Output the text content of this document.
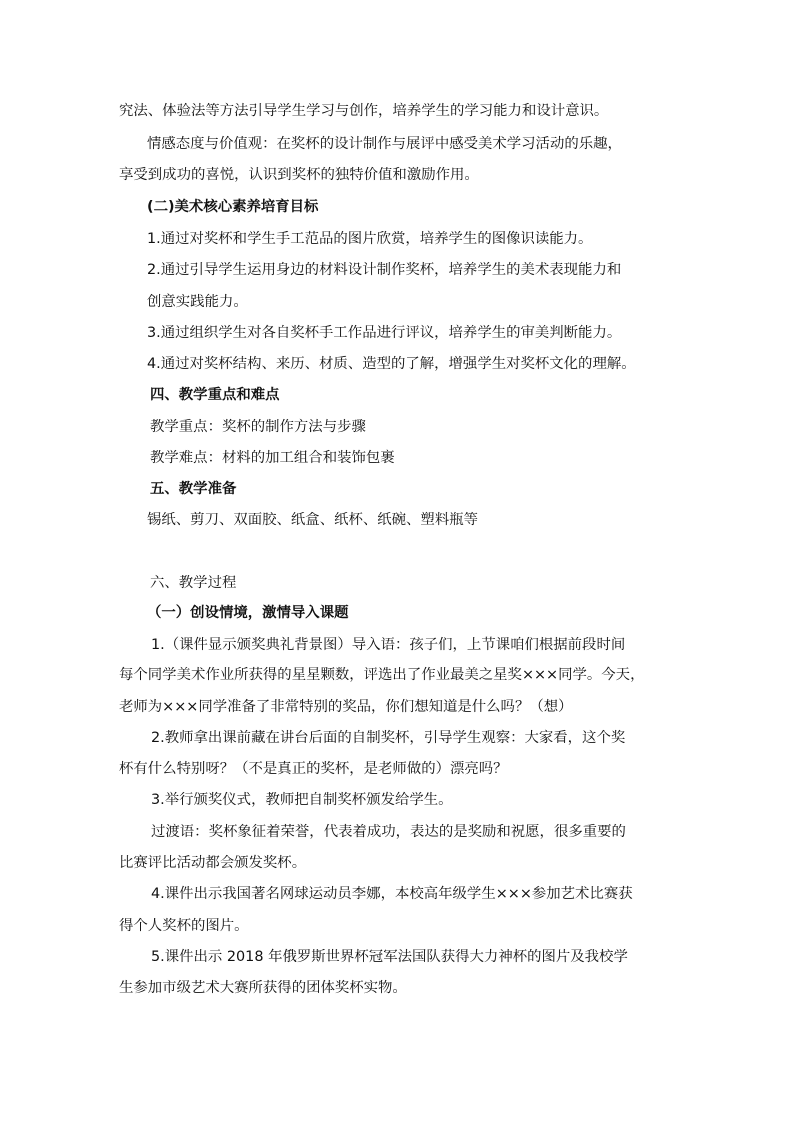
究法、体验法等方法引导学生学习与创作，培养学生的学习能力和设计意识。
情感态度与价值观：在奖杯的设计制作与展评中感受美术学习活动的乐趣，
享受到成功的喜悦，认识到奖杯的独特价值和激励作用。
(二)美术核心素养培育目标
1.通过对奖杯和学生手工范品的图片欣赏，培养学生的图像识读能力。
2.通过引导学生运用身边的材料设计制作奖杯，培养学生的美术表现能力和
创意实践能力。
3.通过组织学生对各自奖杯手工作品进行评议，培养学生的审美判断能力。
4.通过对奖杯结构、来历、材质、造型的了解，增强学生对奖杯文化的理解。
四、教学重点和难点
教学重点：奖杯的制作方法与步骤
教学难点：材料的加工组合和装饰包裹
五、教学准备
锡纸、剪刀、双面胶、纸盒、纸杯、纸碗、塑料瓶等
六、教学过程
（一）创设情境，激情导入课题
1.（课件显示颁奖典礼背景图）导入语：孩子们，上节课咱们根据前段时间
每个同学美术作业所获得的星星颗数，评选出了作业最美之星奖×××同学。今天，
老师为×××同学准备了非常特别的奖品，你们想知道是什么吗？（想）
2.教师拿出课前藏在讲台后面的自制奖杯，引导学生观察：大家看，这个奖
杯有什么特别呀？（不是真正的奖杯，是老师做的）漂亮吗？
3.举行颁奖仪式，教师把自制奖杯颁发给学生。
过渡语：奖杯象征着荣誉，代表着成功，表达的是奖励和祝愿，很多重要的
比赛评比活动都会颁发奖杯。
4.课件出示我国著名网球运动员李娜，本校高年级学生×××参加艺术比赛获
得个人奖杯的图片。
5.课件出示 2018 年俄罗斯世界杯冠军法国队获得大力神杯的图片及我校学
生参加市级艺术大赛所获得的团体奖杯实物。
